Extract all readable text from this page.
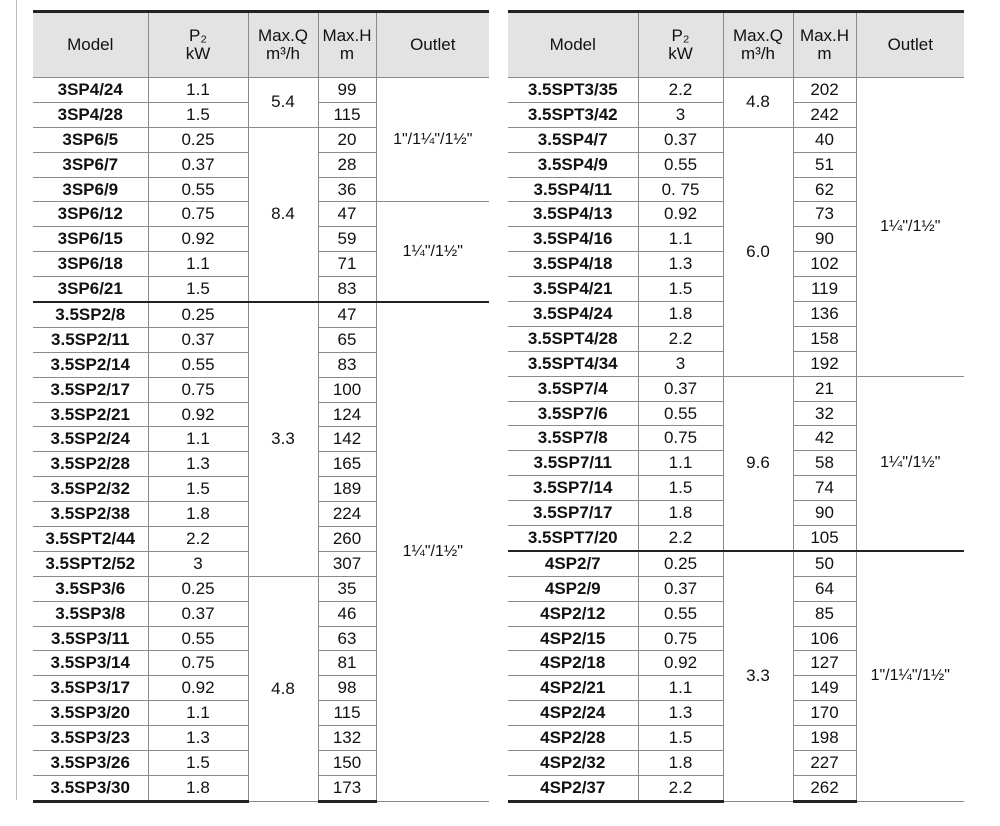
Model	P₂
kW	Max.Q
m³/h	Max.H
m	Outlet
3SP4/24	1.1	5.4	99	1"/1¼"/1½"
3SP4/28	1.5		115	
3SP6/5	0.25	8.4	20	
3SP6/7	0.37		28	
3SP6/9	0.55		36	
3SP6/12	0.75		47	1¼"/1½"
3SP6/15	0.92		59	
3SP6/18	1.1		71	
3SP6/21	1.5		83	
3.5SP2/8	0.25	3.3	47	1¼"/1½"
3.5SP2/11	0.37		65	
3.5SP2/14	0.55		83	
3.5SP2/17	0.75		100	
3.5SP2/21	0.92		124	
3.5SP2/24	1.1		142	
3.5SP2/28	1.3		165	
3.5SP2/32	1.5		189	
3.5SP2/38	1.8		224	
3.5SPT2/44	2.2		260	
3.5SPT2/52	3		307	
3.5SP3/6	0.25	4.8	35	
3.5SP3/8	0.37		46	
3.5SP3/11	0.55		63	
3.5SP3/14	0.75		81	
3.5SP3/17	0.92		98	
3.5SP3/20	1.1		115	
3.5SP3/23	1.3		132	
3.5SP3/26	1.5		150	
3.5SP3/30	1.8		173	
Model	P₂
kW	Max.Q
m³/h	Max.H
m	Outlet
3.5SPT3/35	2.2	4.8	202	1¼"/1½"
3.5SPT3/42	3		242	
3.5SP4/7	0.37	6.0	40	
3.5SP4/9	0.55		51	
3.5SP4/11	0. 75		62	
3.5SP4/13	0.92		73	
3.5SP4/16	1.1		90	
3.5SP4/18	1.3		102	
3.5SP4/21	1.5		119	
3.5SP4/24	1.8		136	
3.5SPT4/28	2.2		158	
3.5SPT4/34	3		192	
3.5SP7/4	0.37	9.6	21	1¼"/1½"
3.5SP7/6	0.55		32	
3.5SP7/8	0.75		42	
3.5SP7/11	1.1		58	
3.5SP7/14	1.5		74	
3.5SP7/17	1.8		90	
3.5SPT7/20	2.2		105	
4SP2/7	0.25	3.3	50	1"/1¼"/1½"
4SP2/9	0.37		64	
4SP2/12	0.55		85	
4SP2/15	0.75		106	
4SP2/18	0.92		127	
4SP2/21	1.1		149	
4SP2/24	1.3		170	
4SP2/28	1.5		198	
4SP2/32	1.8		227	
4SP2/37	2.2		262	
